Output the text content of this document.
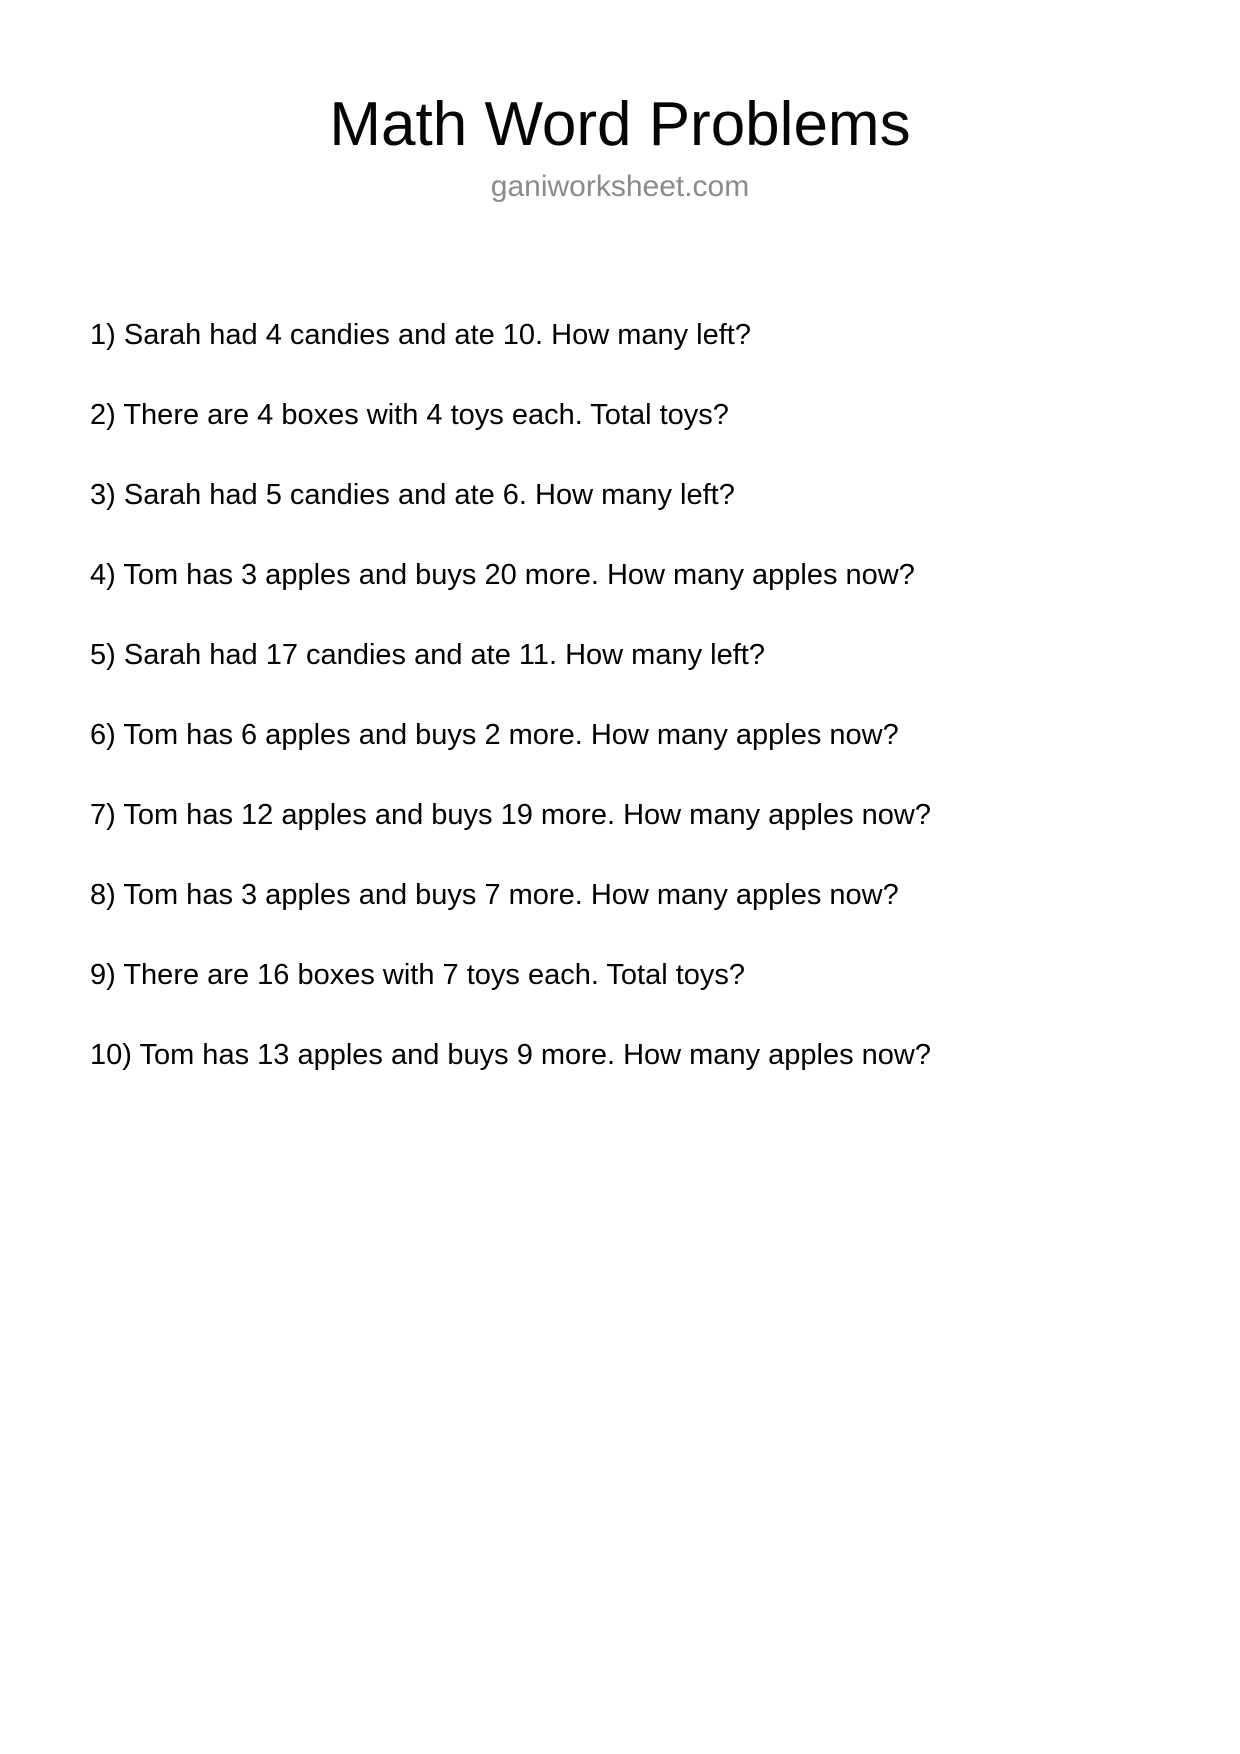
Math Word Problems
ganiworksheet.com
1) Sarah had 4 candies and ate 10. How many left?
2) There are 4 boxes with 4 toys each. Total toys?
3) Sarah had 5 candies and ate 6. How many left?
4) Tom has 3 apples and buys 20 more. How many apples now?
5) Sarah had 17 candies and ate 11. How many left?
6) Tom has 6 apples and buys 2 more. How many apples now?
7) Tom has 12 apples and buys 19 more. How many apples now?
8) Tom has 3 apples and buys 7 more. How many apples now?
9) There are 16 boxes with 7 toys each. Total toys?
10) Tom has 13 apples and buys 9 more. How many apples now?
